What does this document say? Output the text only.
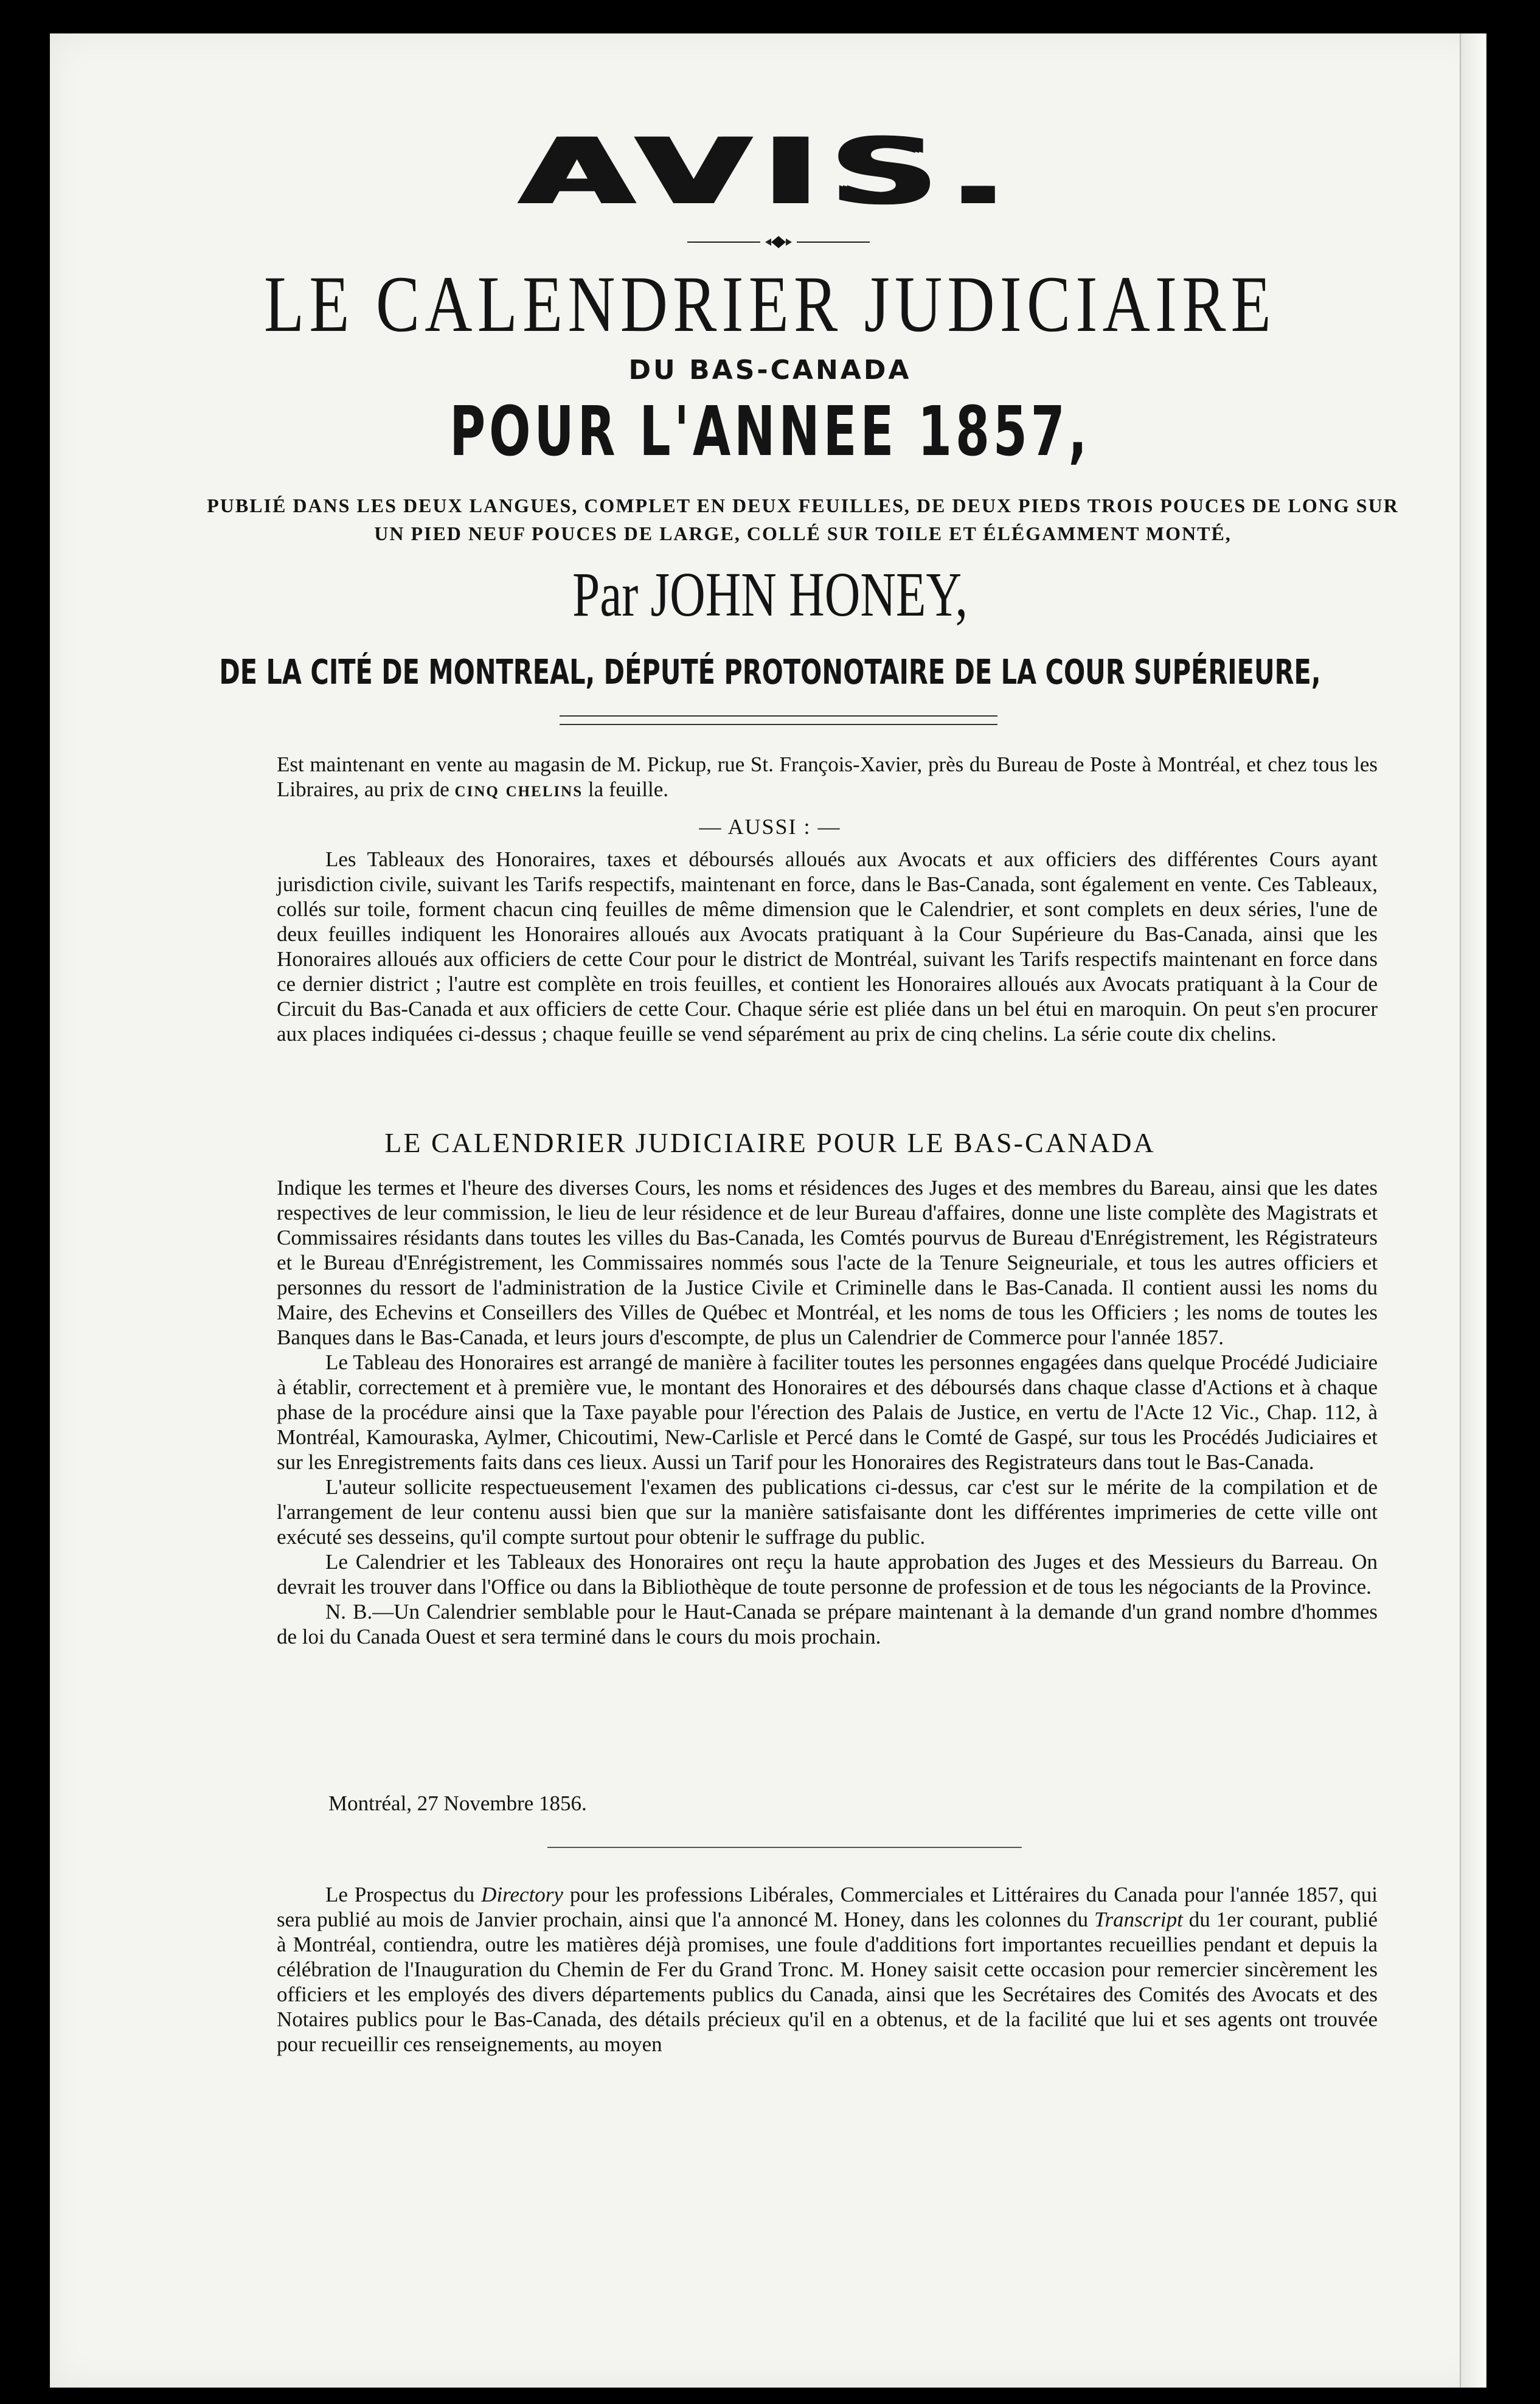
AVIS.
LE CALENDRIER JUDICIAIRE
DU BAS-CANADA
POUR L'ANNEE 1857,
PUBLIÉ DANS LES DEUX LANGUES, COMPLET EN DEUX FEUILLES, DE DEUX PIEDS TROIS POUCES DE LONG SUR UN PIED NEUF POUCES DE LARGE, COLLÉ SUR TOILE ET ÉLÉGAMMENT MONTÉ,
Par JOHN HONEY,
DE LA CITÉ DE MONTREAL, DÉPUTÉ PROTONOTAIRE DE LA COUR SUPÉRIEURE,

Est maintenant en vente au magasin de M. Pickup, rue St. François-Xavier, près du Bureau de Poste à Montréal, et chez tous les Libraires, au prix de cinq chelins la feuille.

— AUSSI : —

Les Tableaux des Honoraires, taxes et déboursés alloués aux Avocats et aux officiers des différentes Cours ayant jurisdiction civile, suivant les Tarifs respectifs, maintenant en force, dans le Bas-Canada, sont également en vente. Ces Tableaux, collés sur toile, forment chacun cinq feuilles de même dimension que le Calendrier, et sont complets en deux séries, l'une de deux feuilles indiquent les Honoraires alloués aux Avocats pratiquant à la Cour Supérieure du Bas-Canada, ainsi que les Honoraires alloués aux officiers de cette Cour pour le district de Montréal, suivant les Tarifs respectifs maintenant en force dans ce dernier district ; l'autre est complète en trois feuilles, et contient les Honoraires alloués aux Avocats pratiquant à la Cour de Circuit du Bas-Canada et aux officiers de cette Cour. Chaque série est pliée dans un bel étui en maroquin. On peut s'en procurer aux places indiquées ci-dessus ; chaque feuille se vend séparément au prix de cinq chelins. La série coute dix chelins.

LE CALENDRIER JUDICIAIRE POUR LE BAS-CANADA

Indique les termes et l'heure des diverses Cours, les noms et résidences des Juges et des membres du Bareau, ainsi que les dates respectives de leur commission, le lieu de leur résidence et de leur Bureau d'affaires, donne une liste complète des Magistrats et Commissaires résidants dans toutes les villes du Bas-Canada, les Comtés pourvus de Bureau d'Enrégistrement, les Régistrateurs et le Bureau d'Enrégistrement, les Commissaires nommés sous l'acte de la Tenure Seigneuriale, et tous les autres officiers et personnes du ressort de l'administration de la Justice Civile et Criminelle dans le Bas-Canada. Il contient aussi les noms du Maire, des Echevins et Conseillers des Villes de Québec et Montréal, et les noms de tous les Officiers ; les noms de toutes les Banques dans le Bas-Canada, et leurs jours d'escompte, de plus un Calendrier de Commerce pour l'année 1857.

Le Tableau des Honoraires est arrangé de manière à faciliter toutes les personnes engagées dans quelque Procédé Judiciaire à établir, correctement et à première vue, le montant des Honoraires et des déboursés dans chaque classe d'Actions et à chaque phase de la procédure ainsi que la Taxe payable pour l'érection des Palais de Justice, en vertu de l'Acte 12 Vic., Chap. 112, à Montréal, Kamouraska, Aylmer, Chicoutimi, New-Carlisle et Percé dans le Comté de Gaspé, sur tous les Procédés Judiciaires et sur les Enregistrements faits dans ces lieux. Aussi un Tarif pour les Honoraires des Registrateurs dans tout le Bas-Canada.

L'auteur sollicite respectueusement l'examen des publications ci-dessus, car c'est sur le mérite de la compilation et de l'arrangement de leur contenu aussi bien que sur la manière satisfaisante dont les différentes imprimeries de cette ville ont exécuté ses desseins, qu'il compte surtout pour obtenir le suffrage du public.

Le Calendrier et les Tableaux des Honoraires ont reçu la haute approbation des Juges et des Messieurs du Barreau. On devrait les trouver dans l'Office ou dans la Bibliothèque de toute personne de profession et de tous les négociants de la Province.

N. B.—Un Calendrier semblable pour le Haut-Canada se prépare maintenant à la demande d'un grand nombre d'hommes de loi du Canada Ouest et sera terminé dans le cours du mois prochain.

Montréal, 27 Novembre 1856.

Le Prospectus du Directory pour les professions Libérales, Commerciales et Littéraires du Canada pour l'année 1857, qui sera publié au mois de Janvier prochain, ainsi que l'a annoncé M. Honey, dans les colonnes du Transcript du 1er courant, publié à Montréal, contiendra, outre les matières déjà promises, une foule d'additions fort importantes recueillies pendant et depuis la célébration de l'Inauguration du Chemin de Fer du Grand Tronc. M. Honey saisit cette occasion pour remercier sincèrement les officiers et les employés des divers départements publics du Canada, ainsi que les Secrétaires des Comités des Avocats et des Notaires publics pour le Bas-Canada, des détails précieux qu'il en a obtenus, et de la facilité que lui et ses agents ont trouvée pour recueillir ces renseignements, au moyen
